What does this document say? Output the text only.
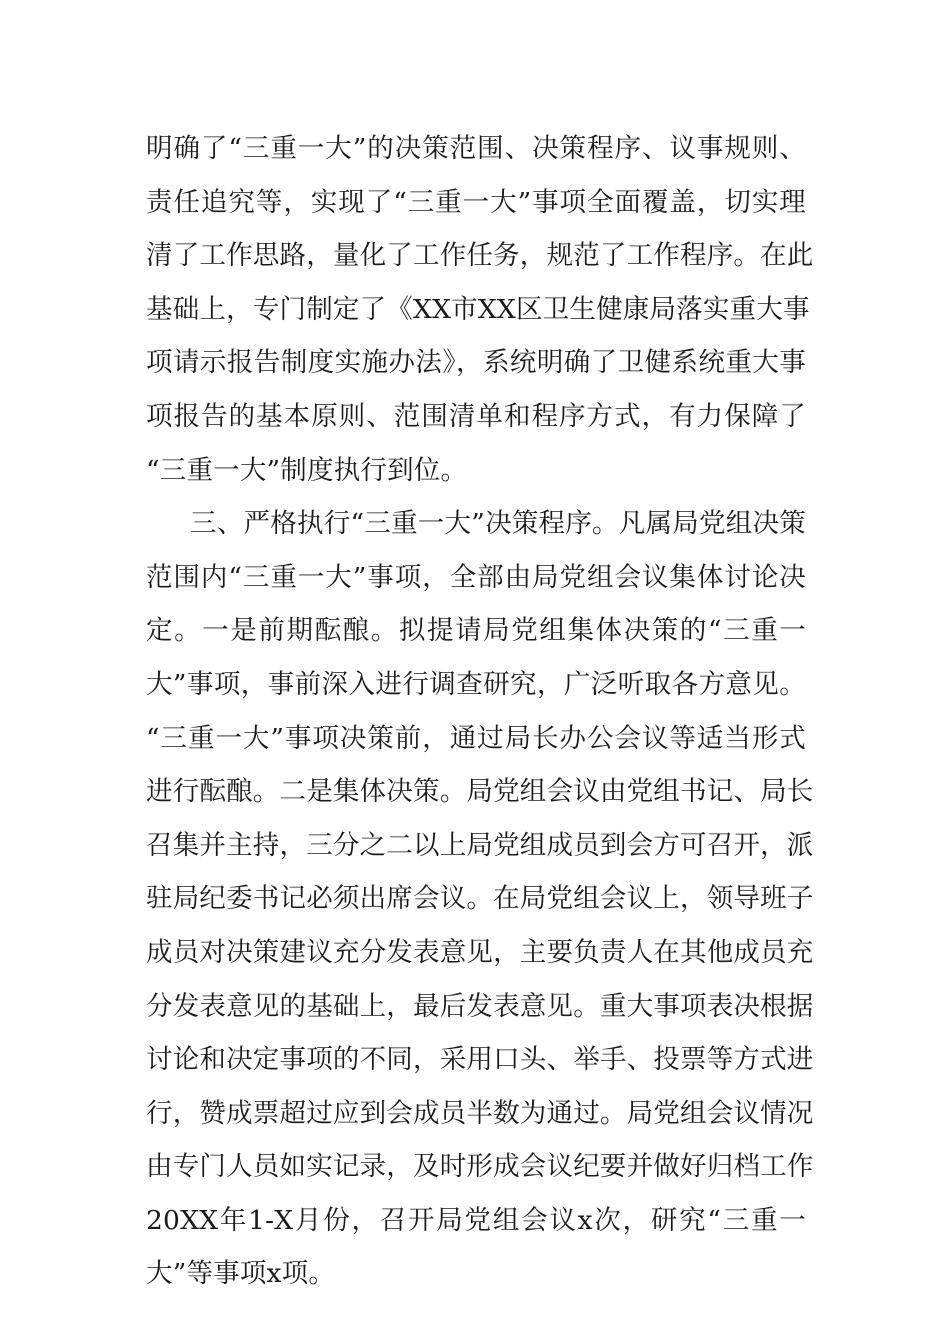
明确了“三重一大”的决策范围、决策程序、议事规则、
责任追究等，实现了“三重一大”事项全面覆盖，切实理
清了工作思路，量化了工作任务，规范了工作程序。在此
基础上，专门制定了《XX市XX区卫生健康局落实重大事
项请示报告制度实施办法》，系统明确了卫健系统重大事
项报告的基本原则、范围清单和程序方式，有力保障了
“三重一大”制度执行到位。
三、严格执行“三重一大”决策程序。凡属局党组决策
范围内“三重一大”事项，全部由局党组会议集体讨论决
定。一是前期酝酿。拟提请局党组集体决策的“三重一
大”事项，事前深入进行调查研究，广泛听取各方意见。
“三重一大”事项决策前，通过局长办公会议等适当形式
进行酝酿。二是集体决策。局党组会议由党组书记、局长
召集并主持，三分之二以上局党组成员到会方可召开，派
驻局纪委书记必须出席会议。在局党组会议上，领导班子
成员对决策建议充分发表意见，主要负责人在其他成员充
分发表意见的基础上，最后发表意见。重大事项表决根据
讨论和决定事项的不同，采用口头、举手、投票等方式进
行，赞成票超过应到会成员半数为通过。局党组会议情况
由专门人员如实记录，及时形成会议纪要并做好归档工作
20XX年1-X月份，召开局党组会议x次，研究“三重一
大”等事项x项。
